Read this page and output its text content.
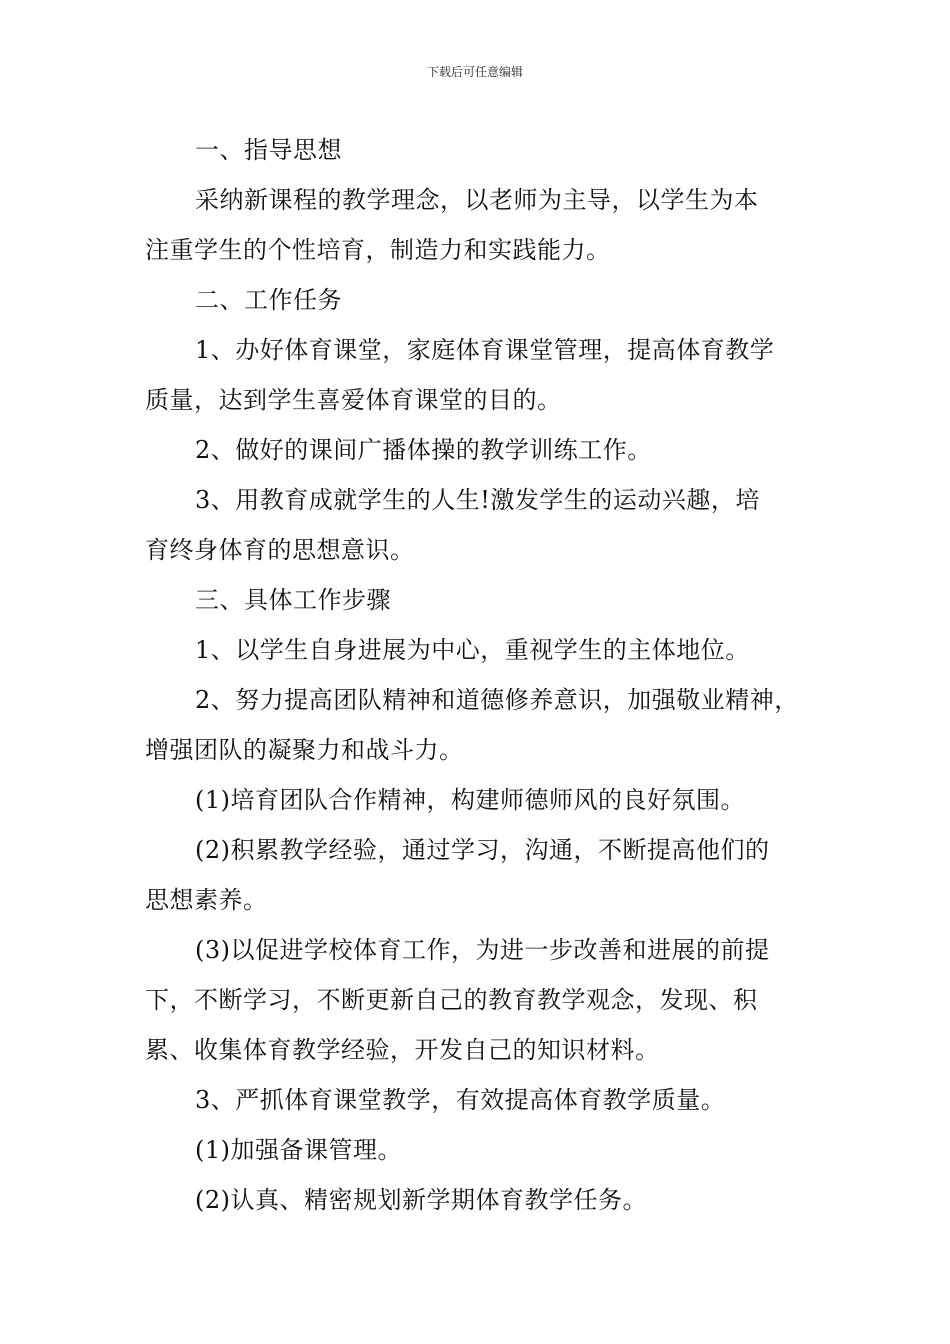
下载后可任意编辑
一、指导思想
采纳新课程的教学理念，以老师为主导，以学生为本
注重学生的个性培育，制造力和实践能力。
二、工作任务
1、办好体育课堂，家庭体育课堂管理，提高体育教学
质量，达到学生喜爱体育课堂的目的。
2、做好的课间广播体操的教学训练工作。
3、用教育成就学生的人生!激发学生的运动兴趣，培
育终身体育的思想意识。
三、具体工作步骤
1、以学生自身进展为中心，重视学生的主体地位。
2、努力提高团队精神和道德修养意识，加强敬业精神，
增强团队的凝聚力和战斗力。
(1)培育团队合作精神，构建师德师风的良好氛围。
(2)积累教学经验，通过学习，沟通，不断提高他们的
思想素养。
(3)以促进学校体育工作，为进一步改善和进展的前提
下，不断学习，不断更新自己的教育教学观念，发现、积
累、收集体育教学经验，开发自己的知识材料。
3、严抓体育课堂教学，有效提高体育教学质量。
(1)加强备课管理。
(2)认真、精密规划新学期体育教学任务。
